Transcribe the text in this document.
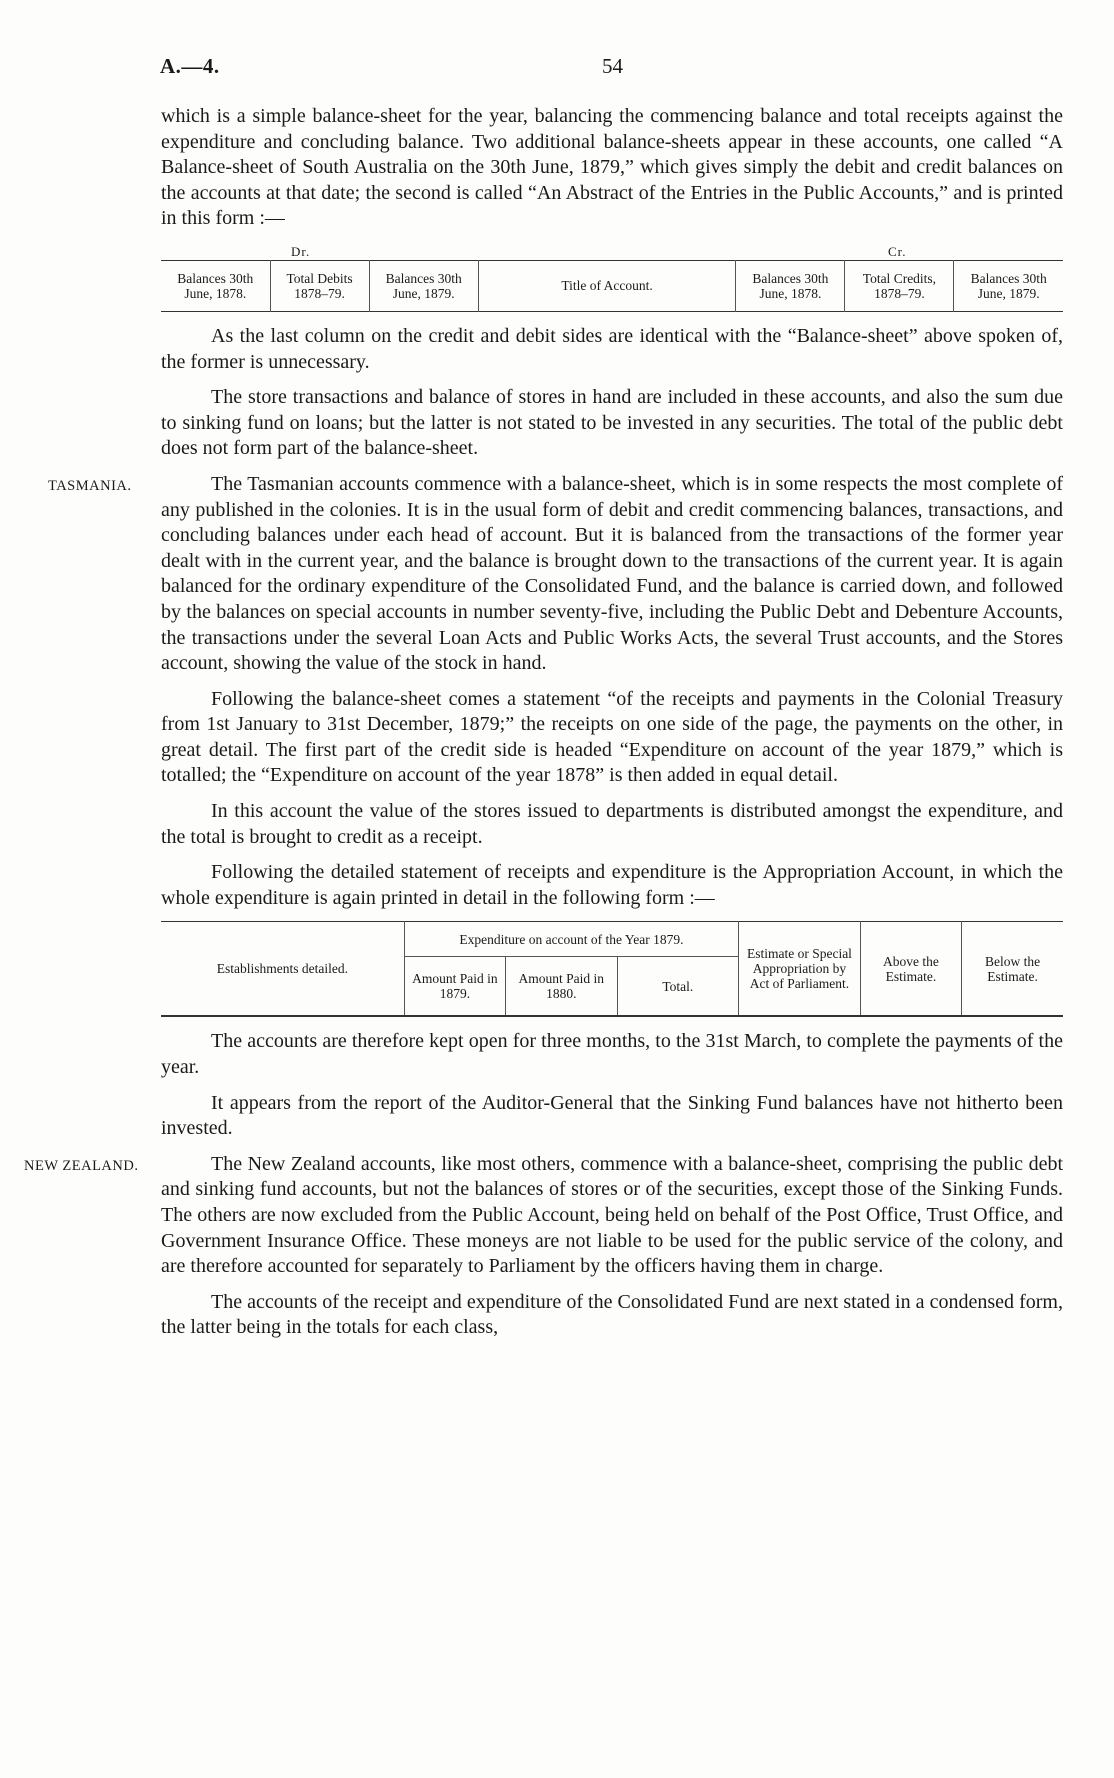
A.—4.	54

which is a simple balance-sheet for the year, balancing the commencing balance and total receipts against the expenditure and concluding balance. Two additional balance-sheets appear in these accounts, one called “A Balance-sheet of South Australia on the 30th June, 1879,” which gives simply the debit and credit balances on the accounts at that date; the second is called “An Abstract of the Entries in the Public Accounts,” and is printed in this form :—

Dr.	Cr.
Balances 30th June, 1878.	Total Debits 1878–79.	Balances 30th June, 1879.	Title of Account.	Balances 30th June, 1878.	Total Credits, 1878–79.	Balances 30th June, 1879.

As the last column on the credit and debit sides are identical with the “Balance-sheet” above spoken of, the former is unnecessary.

The store transactions and balance of stores in hand are included in these accounts, and also the sum due to sinking fund on loans; but the latter is not stated to be invested in any securities. The total of the public debt does not form part of the balance-sheet.

TASMANIA.	The Tasmanian accounts commence with a balance-sheet, which is in some respects the most complete of any published in the colonies. It is in the usual form of debit and credit commencing balances, transactions, and concluding balances under each head of account. But it is balanced from the transactions of the former year dealt with in the current year, and the balance is brought down to the transactions of the current year. It is again balanced for the ordinary expenditure of the Consolidated Fund, and the balance is carried down, and followed by the balances on special accounts in number seventy-five, including the Public Debt and Debenture Accounts, the transactions under the several Loan Acts and Public Works Acts, the several Trust accounts, and the Stores account, showing the value of the stock in hand.

Following the balance-sheet comes a statement “of the receipts and payments in the Colonial Treasury from 1st January to 31st December, 1879;” the receipts on one side of the page, the payments on the other, in great detail. The first part of the credit side is headed “Expenditure on account of the year 1879,” which is totalled; the “Expenditure on account of the year 1878” is then added in equal detail.

In this account the value of the stores issued to departments is distributed amongst the expenditure, and the total is brought to credit as a receipt.

Following the detailed statement of receipts and expenditure is the Appropriation Account, in which the whole expenditure is again printed in detail in the following form :—

Establishments detailed.	Expenditure on account of the Year 1879.			Estimate or Special Appropriation by Act of Parliament.	Above the Estimate.	Below the Estimate.
	Amount Paid in 1879.	Amount Paid in 1880.	Total.			

The accounts are therefore kept open for three months, to the 31st March, to complete the payments of the year.

It appears from the report of the Auditor-General that the Sinking Fund balances have not hitherto been invested.

NEW ZEALAND.	The New Zealand accounts, like most others, commence with a balance-sheet, comprising the public debt and sinking fund accounts, but not the balances of stores or of the securities, except those of the Sinking Funds. The others are now excluded from the Public Account, being held on behalf of the Post Office, Trust Office, and Government Insurance Office. These moneys are not liable to be used for the public service of the colony, and are therefore accounted for separately to Parliament by the officers having them in charge.

The accounts of the receipt and expenditure of the Consolidated Fund are next stated in a condensed form, the latter being in the totals for each class,
